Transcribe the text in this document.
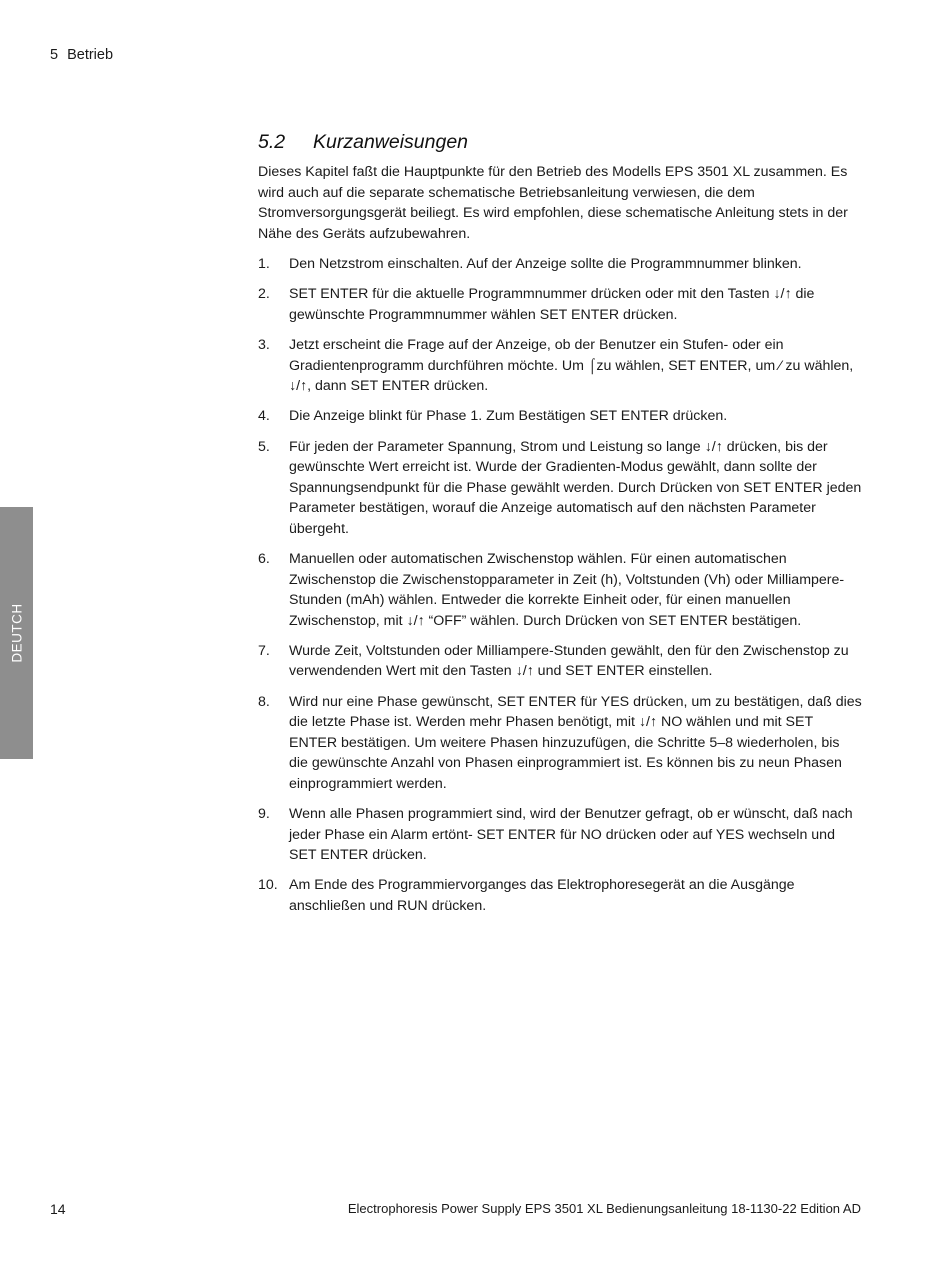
5 Betrieb
DEUTCH
5.2 Kurzanweisungen

Dieses Kapitel faßt die Hauptpunkte für den Betrieb des Modells EPS 3501 XL zusammen. Es wird auch auf die separate schematische Betriebsanleitung verwiesen, die dem Stromversorgungsgerät beiliegt. Es wird empfohlen, diese schematische Anleitung stets in der Nähe des Geräts aufzubewahren.

1. Den Netzstrom einschalten. Auf der Anzeige sollte die Programmnummer blinken.
2. SET ENTER für die aktuelle Programmnummer drücken oder mit den Tasten ↓/↑ die gewünschte Programmnummer wählen SET ENTER drücken.
3. Jetzt erscheint die Frage auf der Anzeige, ob der Benutzer ein Stufen- oder ein Gradientenprogramm durchführen möchte. Um ⌠zu wählen, SET ENTER, um ⁄ zu wählen, ↓/↑, dann SET ENTER drücken.
4. Die Anzeige blinkt für Phase 1. Zum Bestätigen SET ENTER drücken.
5. Für jeden der Parameter Spannung, Strom und Leistung so lange ↓/↑ drücken, bis der gewünschte Wert erreicht ist. Wurde der Gradienten-Modus gewählt, dann sollte der Spannungsendpunkt für die Phase gewählt werden. Durch Drücken von SET ENTER jeden Parameter bestätigen, worauf die Anzeige automatisch auf den nächsten Parameter übergeht.
6. Manuellen oder automatischen Zwischenstop wählen. Für einen automatischen Zwischenstop die Zwischenstopparameter in Zeit (h), Voltstunden (Vh) oder Milliampere-Stunden (mAh) wählen. Entweder die korrekte Einheit oder, für einen manuellen Zwischenstop, mit ↓/↑ “OFF” wählen. Durch Drücken von SET ENTER bestätigen.
7. Wurde Zeit, Voltstunden oder Milliampere-Stunden gewählt, den für den Zwischenstop zu verwendenden Wert mit den Tasten ↓/↑ und SET ENTER einstellen.
8. Wird nur eine Phase gewünscht, SET ENTER für YES drücken, um zu bestätigen, daß dies die letzte Phase ist. Werden mehr Phasen benötigt, mit ↓/↑ NO wählen und mit SET ENTER bestätigen. Um weitere Phasen hinzuzufügen, die Schritte 5–8 wiederholen, bis die gewünschte Anzahl von Phasen einprogrammiert ist. Es können bis zu neun Phasen einprogrammiert werden.
9. Wenn alle Phasen programmiert sind, wird der Benutzer gefragt, ob er wünscht, daß nach jeder Phase ein Alarm ertönt- SET ENTER für NO drücken oder auf YES wechseln und SET ENTER drücken.
10. Am Ende des Programmiervorganges das Elektrophoresegerät an die Ausgänge anschließen und RUN drücken.
14	Electrophoresis Power Supply EPS 3501 XL Bedienungsanleitung 18-1130-22 Edition AD
